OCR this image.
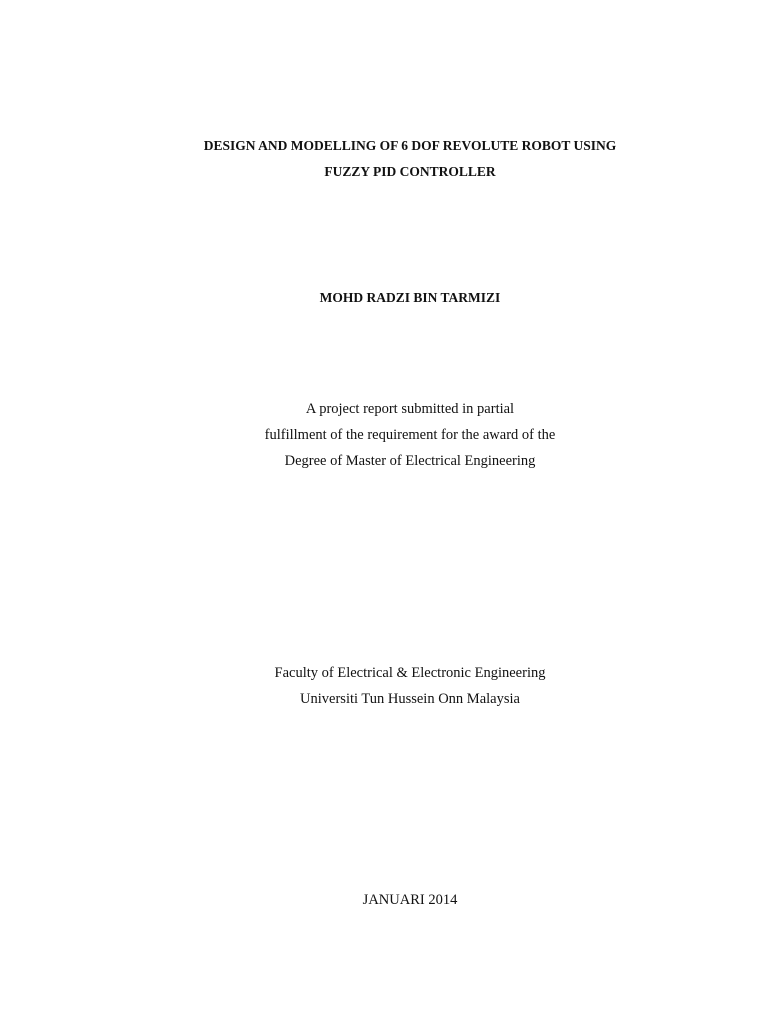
DESIGN AND MODELLING OF 6 DOF REVOLUTE ROBOT USING
FUZZY PID CONTROLLER
MOHD RADZI BIN TARMIZI
A project report submitted in partial
fulfillment of the requirement for the award of the
Degree of Master of Electrical Engineering
Faculty of Electrical & Electronic Engineering
Universiti Tun Hussein Onn Malaysia
JANUARI 2014
